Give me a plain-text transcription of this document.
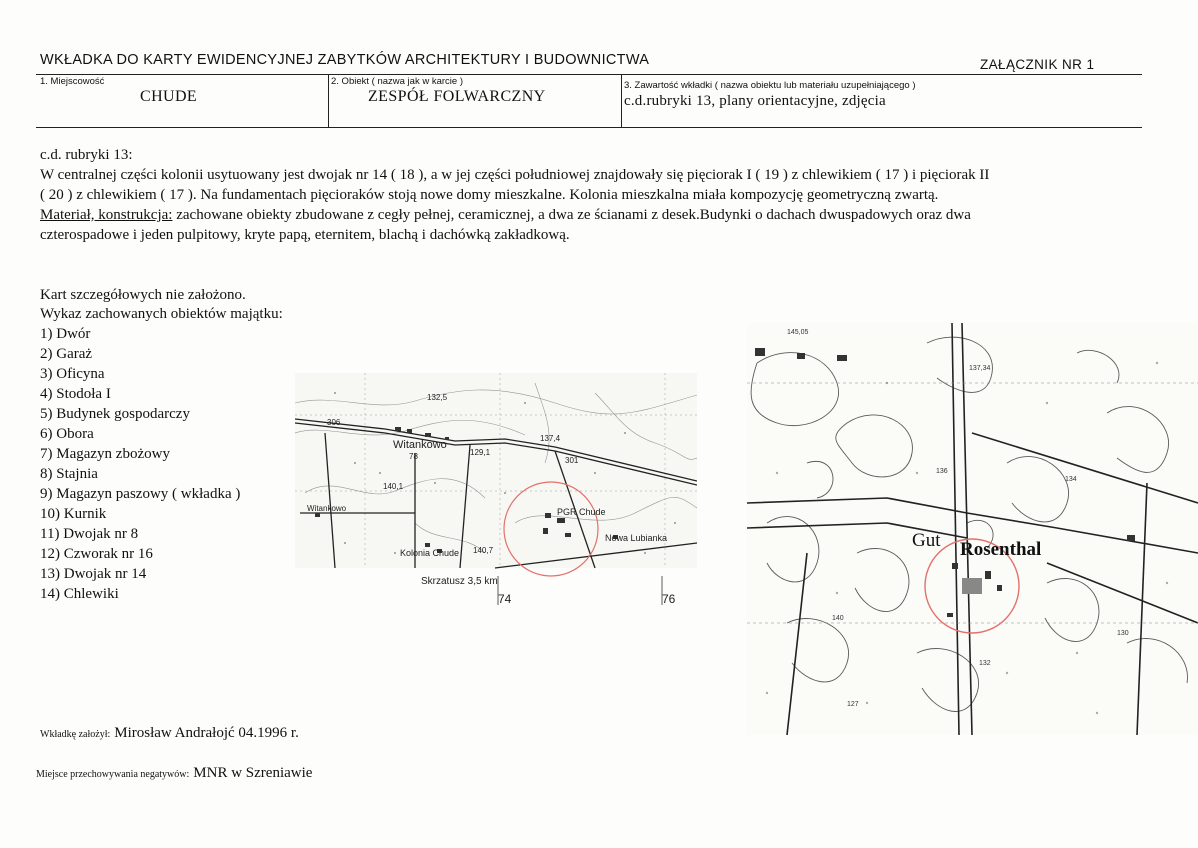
WKŁADKA DO KARTY EWIDENCYJNEJ ZABYTKÓW ARCHITEKTURY I BUDOWNICTWA	ZAŁĄCZNIK NR 1
1. Miejscowość
CHUDE
2. Obiekt ( nazwa jak w karcie )
ZESPÓŁ FOLWARCZNY
3. Zawartość wkładki ( nazwa obiektu lub materiału uzupełniającego )
c.d.rubryki 13, plany orientacyjne, zdjęcia
c.d. rubryki 13:
W centralnej części kolonii usytuowany jest dwojak nr 14 ( 18 ), a w jej części południowej znajdowały się pięciorak I ( 19 ) z chlewikiem ( 17 ) i pięciorak II
( 20 ) z chlewikiem ( 17 ). Na fundamentach pięcioraków stoją nowe domy mieszkalne. Kolonia mieszkalna miała kompozycję geometryczną zwartą.
Materiał, konstrukcja: zachowane obiekty zbudowane z cegły pełnej, ceramicznej, a dwa ze ścianami z desek.Budynki o dachach dwuspadowych oraz dwa
czterospadowe i jeden pulpitowy, kryte papą, eternitem, blachą i dachówką zakładkową.
Kart szczegółowych nie założono.
Wykaz zachowanych obiektów majątku:
1) Dwór
2) Garaż
3) Oficyna
4) Stodoła I
5) Budynek gospodarczy
6) Obora
7) Magazyn zbożowy
8) Stajnia
9) Magazyn paszowy ( wkładka )
10) Kurnik
11) Dwojak nr 8
12) Czworak nr 16
13) Dwojak nr 14
14) Chlewiki
Witankowo
Witankowo
Kolonia Chude
PGR Chude
Nowa Lubianka
132,5
137,4
140,1
140,7
306
301
78	129,1
Skrzatusz 3,5 km
74	76
Gut Rosenthal
145,05
136
137,34
140
130
132
127
134
Wkładkę założył: Mirosław Andrałojć 04.1996 r.
Miejsce przechowywania negatywów: MNR w Szreniawie
